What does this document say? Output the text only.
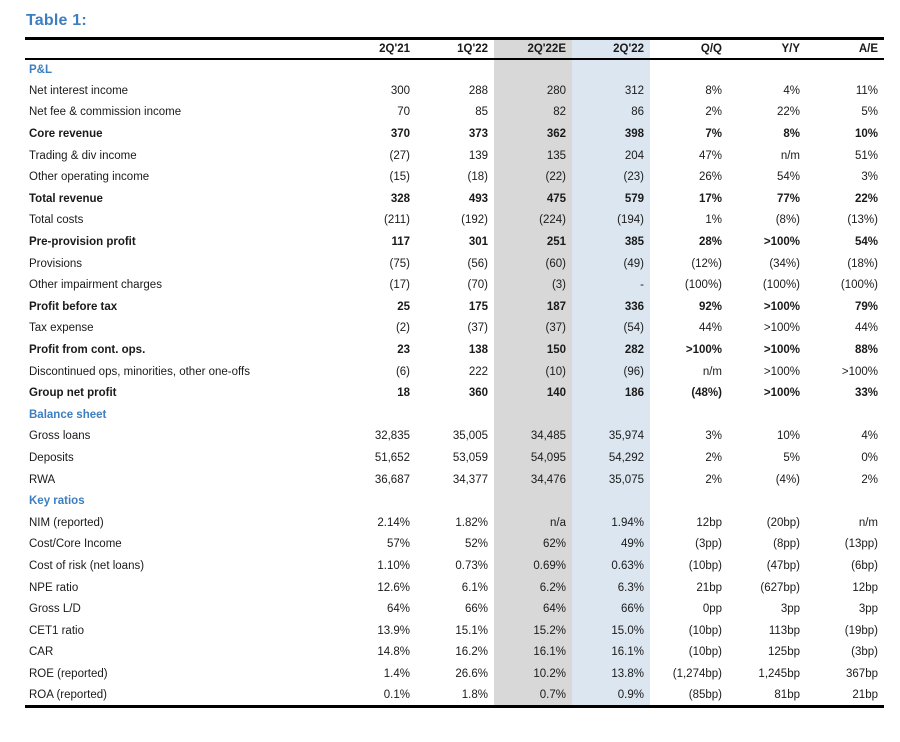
Table 1:
	2Q'21	1Q'22	2Q'22E	2Q'22	Q/Q	Y/Y	A/E
P&L							
Net interest income	300	288	280	312	8%	4%	11%
Net fee & commission income	70	85	82	86	2%	22%	5%
Core revenue	370	373	362	398	7%	8%	10%
Trading & div income	(27)	139	135	204	47%	n/m	51%
Other operating income	(15)	(18)	(22)	(23)	26%	54%	3%
Total revenue	328	493	475	579	17%	77%	22%
Total costs	(211)	(192)	(224)	(194)	1%	(8%)	(13%)
Pre-provision profit	117	301	251	385	28%	>100%	54%
Provisions	(75)	(56)	(60)	(49)	(12%)	(34%)	(18%)
Other impairment charges	(17)	(70)	(3)	-	(100%)	(100%)	(100%)
Profit before tax	25	175	187	336	92%	>100%	79%
Tax expense	(2)	(37)	(37)	(54)	44%	>100%	44%
Profit from cont. ops.	23	138	150	282	>100%	>100%	88%
Discontinued ops, minorities, other one-offs	(6)	222	(10)	(96)	n/m	>100%	>100%
Group net profit	18	360	140	186	(48%)	>100%	33%
Balance sheet							
Gross loans	32,835	35,005	34,485	35,974	3%	10%	4%
Deposits	51,652	53,059	54,095	54,292	2%	5%	0%
RWA	36,687	34,377	34,476	35,075	2%	(4%)	2%
Key ratios							
NIM (reported)	2.14%	1.82%	n/a	1.94%	12bp	(20bp)	n/m
Cost/Core Income	57%	52%	62%	49%	(3pp)	(8pp)	(13pp)
Cost of risk (net loans)	1.10%	0.73%	0.69%	0.63%	(10bp)	(47bp)	(6bp)
NPE ratio	12.6%	6.1%	6.2%	6.3%	21bp	(627bp)	12bp
Gross L/D	64%	66%	64%	66%	0pp	3pp	3pp
CET1 ratio	13.9%	15.1%	15.2%	15.0%	(10bp)	113bp	(19bp)
CAR	14.8%	16.2%	16.1%	16.1%	(10bp)	125bp	(3bp)
ROE (reported)	1.4%	26.6%	10.2%	13.8%	(1,274bp)	1,245bp	367bp
ROA (reported)	0.1%	1.8%	0.7%	0.9%	(85bp)	81bp	21bp
